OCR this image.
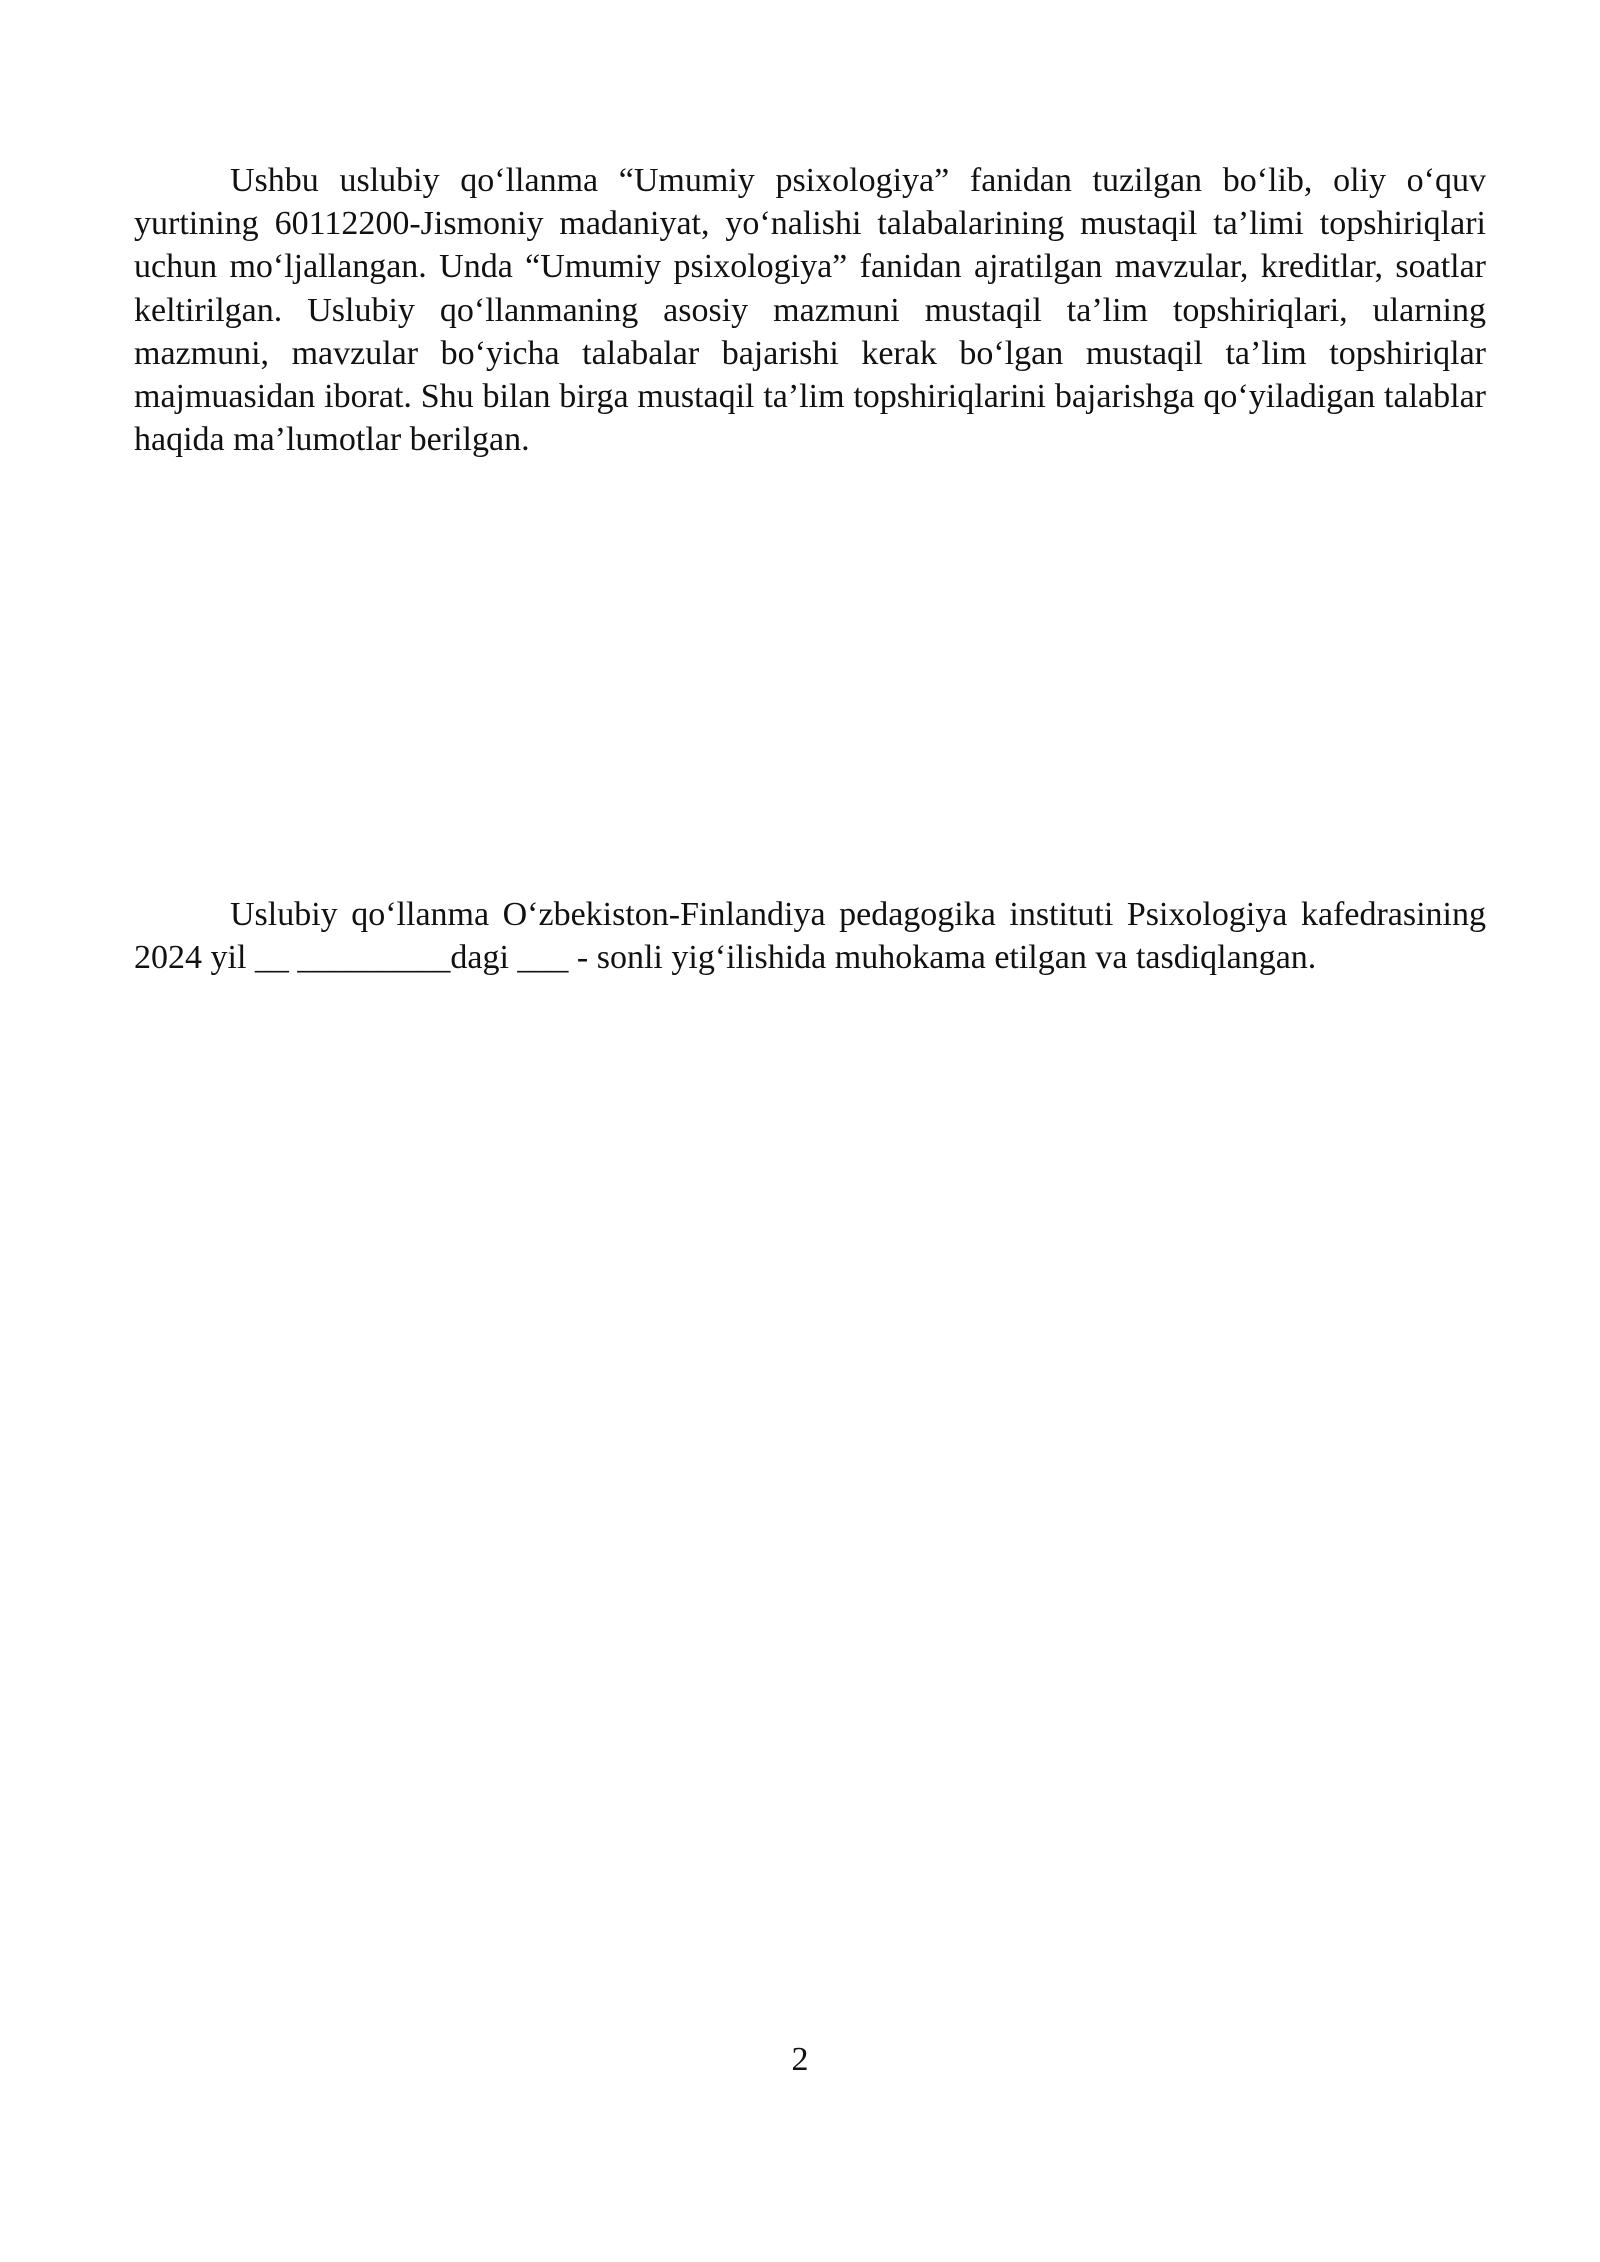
Ushbu uslubiy qo‘llanma “Umumiy psixologiya” fanidan tuzilgan bo‘lib, oliy o‘quv yurtining 60112200-Jismoniy madaniyat, yo‘nalishi talabalarining mustaqil ta’limi topshiriqlari uchun mo‘ljallangan. Unda “Umumiy psixologiya” fanidan ajratilgan mavzular, kreditlar, soatlar keltirilgan. Uslubiy qo‘llanmaning asosiy mazmuni mustaqil ta’lim topshiriqlari, ularning mazmuni, mavzular bo‘yicha talabalar bajarishi kerak bo‘lgan mustaqil ta’lim topshiriqlar majmuasidan iborat. Shu bilan birga mustaqil ta’lim topshiriqlarini bajarishga qo‘yiladigan talablar haqida ma’lumotlar berilgan.

Uslubiy qo‘llanma O‘zbekiston-Finlandiya pedagogika instituti Psixologiya kafedrasining 2024 yil __ _________dagi ___ - sonli yig‘ilishida muhokama etilgan va tasdiqlangan.

2
